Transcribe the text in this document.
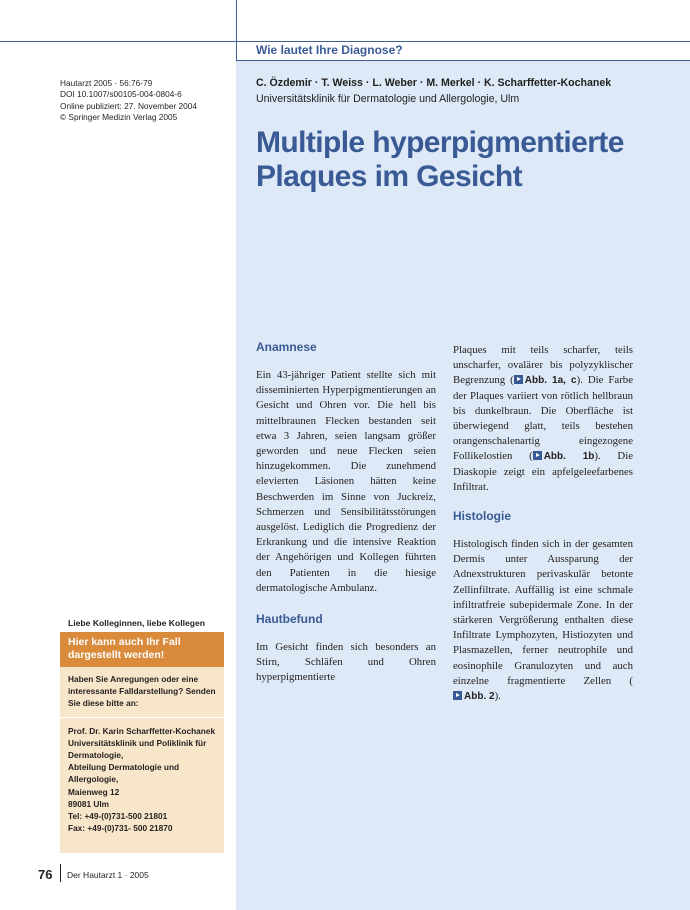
Wie lautet Ihre Diagnose?
Hautarzt 2005 · 56:76-79
DOI 10.1007/s00105-004-0804-6
Online publiziert: 27. November 2004
© Springer Medizin Verlag 2005
C. Özdemir · T. Weiss · L. Weber · M. Merkel · K. Scharffetter-Kochanek
Universitätsklinik für Dermatologie und Allergologie, Ulm
Multiple hyperpigmentierte
Plaques im Gesicht
Anamnese

Ein 43-jähriger Patient stellte sich mit disseminierten Hyperpigmentierungen an Gesicht und Ohren vor. Die hell bis mittelbraunen Flecken bestanden seit etwa 3 Jahren, seien langsam größer geworden und neue Flecken seien hinzugekommen. Die zunehmend elevierten Läsionen hätten keine Beschwerden im Sinne von Juckreiz, Schmerzen und Sensibilitätsstörungen ausgelöst. Lediglich die Progredienz der Erkrankung und die intensive Reaktion der Angehörigen und Kollegen führten den Patienten in die hiesige dermatologische Ambulanz.

Hautbefund

Im Gesicht finden sich besonders an Stirn, Schläfen und Ohren hyperpigmentierte

Plaques mit teils scharfer, teils unscharfer, ovalärer bis polyzyklischer Begrenzung ( Abb. 1a, c). Die Farbe der Plaques variiert von rötlich hellbraun bis dunkelbraun. Die Oberfläche ist überwiegend glatt, teils bestehen orangenschalenartig eingezogene Follikelostien ( Abb. 1b). Die Diaskopie zeigt ein apfelgeleefarbenes Infiltrat.

Histologie

Histologisch finden sich in der gesamten Dermis unter Aussparung der Adnexstrukturen perivaskulär betonte Zellinfiltrate. Auffällig ist eine schmale infiltratfreie subepidermale Zone. In der stärkeren Vergrößerung enthalten diese Infiltrate Lymphozyten, Histiozyten und Plasmazellen, ferner neutrophile und eosinophile Granulozyten und auch einzelne fragmentierte Zellen (Abb. 2).

Liebe Kolleginnen, liebe Kollegen
Hier kann auch Ihr Fall dargestellt werden!
Haben Sie Anregungen oder eine interessante Falldarstellung? Senden Sie diese bitte an:
Prof. Dr. Karin Scharffetter-Kochanek
Universitätsklinik und Poliklinik für Dermatologie,
Abteilung Dermatologie und Allergologie,
Maienweg 12
89081 Ulm
Tel: +49-(0)731-500 21801
Fax: +49-(0)731- 500 21870
76 Der Hautarzt 1 · 2005
